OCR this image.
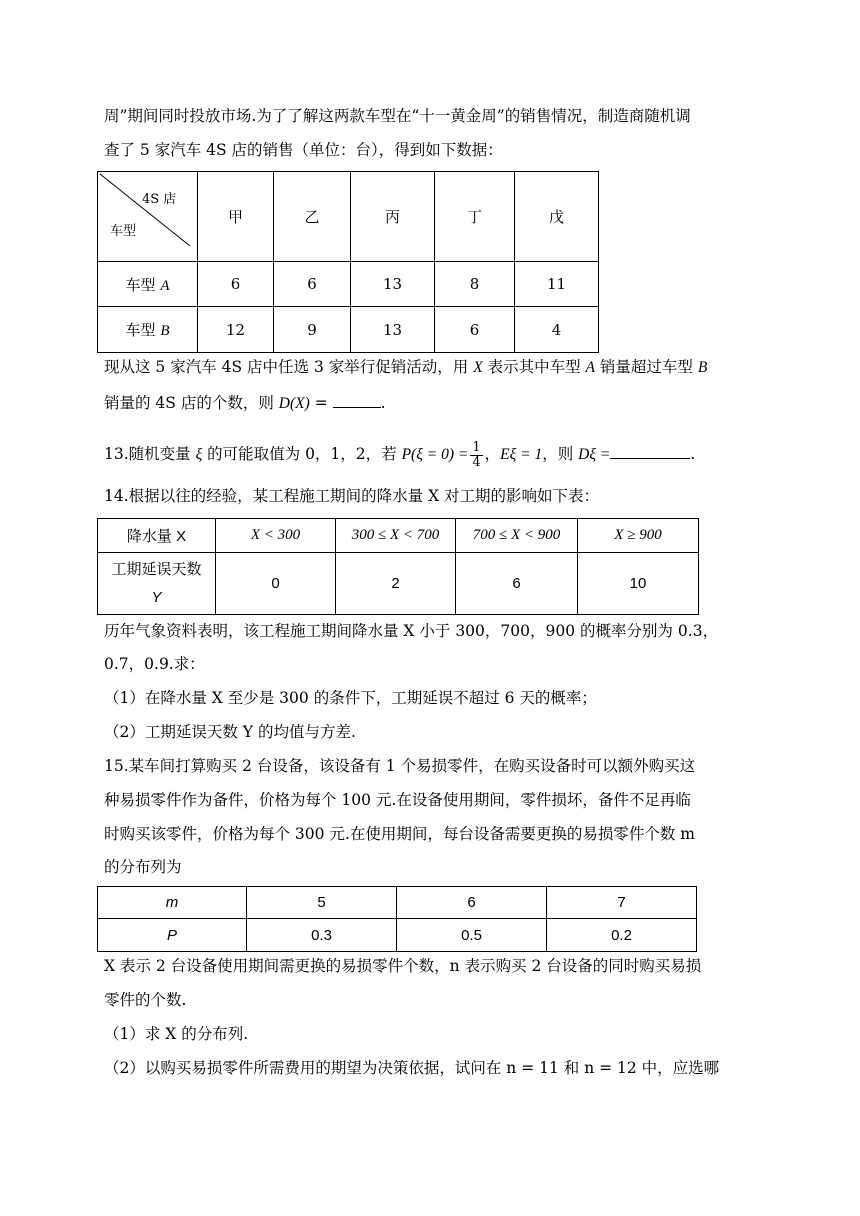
周”期间同时投放市场.为了了解这两款车型在“十一黄金周”的销售情况，制造商随机调
查了 5 家汽车 4S 店的销售（单位：台），得到如下数据：
4S 店
车型	甲	乙	丙	丁	戊
车型 A	6	6	13	8	11
车型 B	12	9	13	6	4
现从这 5 家汽车 4S 店中任选 3 家举行促销活动，用 X 表示其中车型 A 销量超过车型 B
销量的 4S 店的个数，则 D(X) =	.
13.随机变量 ξ 的可能取值为 0，1，2，若 $P(\xi = 0) = \frac{1}{4}$ ，Eξ = 1，则 Dξ =	.
14.根据以往的经验，某工程施工期间的降水量 X 对工期的影响如下表：
降水量 X	X < 300	300 ≤ X < 700	700 ≤ X < 900	X ≥ 900

工期延误天数
Y	0	2	6	10
历年气象资料表明，该工程施工期间降水量 X 小于 300，700，900 的概率分别为 0.3，
0.7，0.9.求：
（1）在降水量 X 至少是 300 的条件下，工期延误不超过 6 天的概率；
（2）工期延误天数 Y 的均值与方差.
15.某车间打算购买 2 台设备，该设备有 1 个易损零件，在购买设备时可以额外购买这
种易损零件作为备件，价格为每个 100 元.在设备使用期间，零件损坏，备件不足再临
时购买该零件，价格为每个 300 元.在使用期间，每台设备需要更换的易损零件个数 m
的分布列为
m	5	6	7
P	0.3	0.5	0.2
X 表示 2 台设备使用期间需更换的易损零件个数，n 表示购买 2 台设备的同时购买易损
零件的个数.
（1）求 X 的分布列.
（2）以购买易损零件所需费用的期望为决策依据，试问在 n = 11 和 n = 12 中，应选哪
